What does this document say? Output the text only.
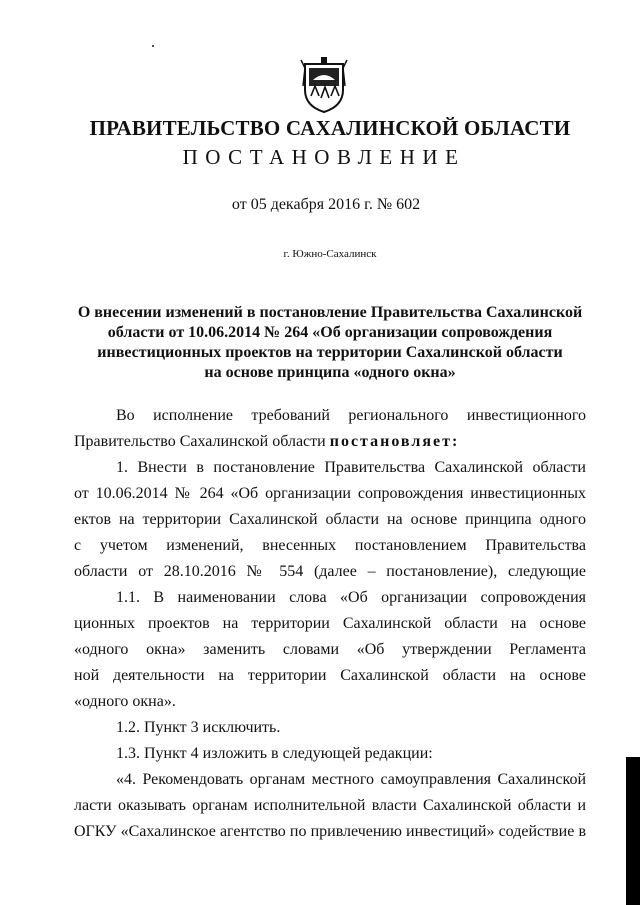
ПРАВИТЕЛЬСТВО САХАЛИНСКОЙ ОБЛАСТИ
ПОСТАНОВЛЕНИЕ
от 05 декабря 2016 г. № 602
г. Южно-Сахалинск
О внесении изменений в постановление Правительства Сахалинской
области от 10.06.2014 № 264 «Об организации сопровождения
инвестиционных проектов на территории Сахалинской области
на основе принципа «одного окна»
Во исполнение требований регионального инвестиционного
Правительство Сахалинской области постановляет:
1. Внести в постановление Правительства Сахалинской области
от 10.06.2014 № 264 «Об организации сопровождения инвестиционных
ектов на территории Сахалинской области на основе принципа одного
с учетом изменений, внесенных постановлением Правительства
области от 28.10.2016 № 554 (далее – постановление), следующие
1.1. В наименовании слова «Об организации сопровождения
ционных проектов на территории Сахалинской области на основе
«одного окна» заменить словами «Об утверждении Регламента
ной деятельности на территории Сахалинской области на основе
«одного окна».
1.2. Пункт 3 исключить.
1.3. Пункт 4 изложить в следующей редакции:
«4. Рекомендовать органам местного самоуправления Сахалинской
ласти оказывать органам исполнительной власти Сахалинской области и
ОГКУ «Сахалинское агентство по привлечению инвестиций» содействие в
